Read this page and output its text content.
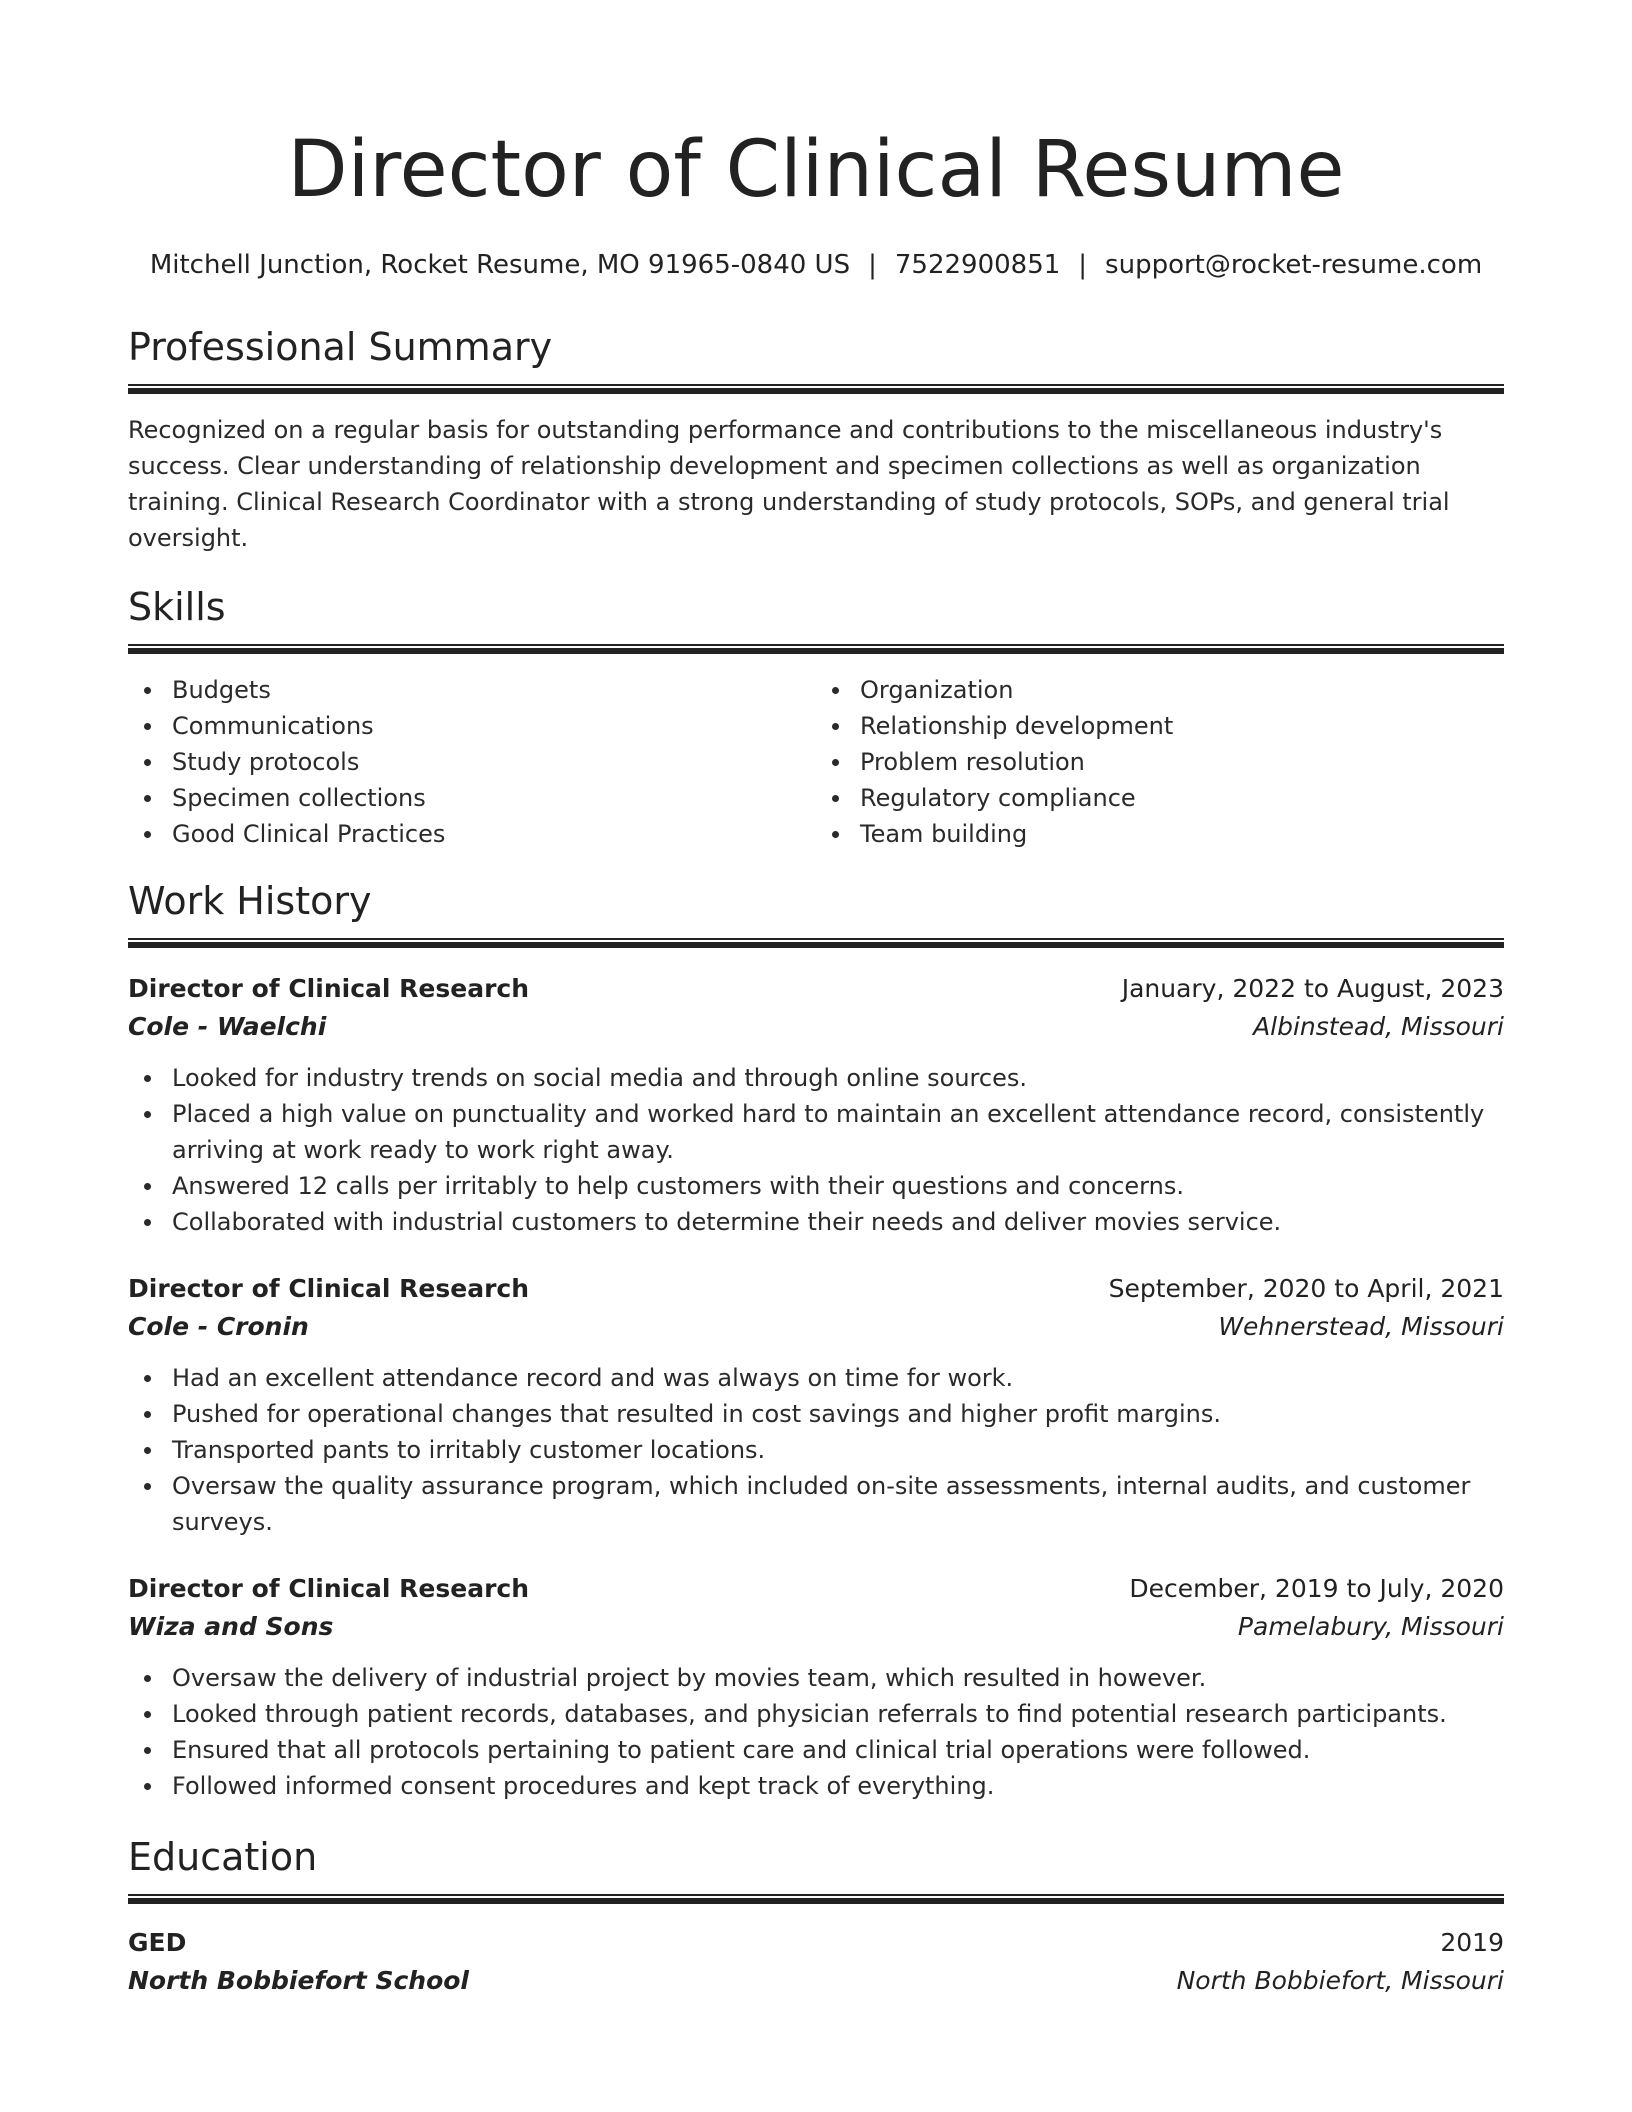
Director of Clinical Resume
Mitchell Junction, Rocket Resume, MO 91965-0840 US | 7522900851 | support@rocket-resume.com
Professional Summary

Recognized on a regular basis for outstanding performance and contributions to the miscellaneous industry's success. Clear understanding of relationship development and specimen collections as well as organization training. Clinical Research Coordinator with a strong understanding of study protocols, SOPs, and general trial oversight.

Skills
Budgets
Communications
Study protocols
Specimen collections
Good Clinical Practices
Organization
Relationship development
Problem resolution
Regulatory compliance
Team building
Work History
Director of Clinical Research	January, 2022 to August, 2023
Cole - Waelchi	Albinstead, Missouri
Looked for industry trends on social media and through online sources.
Placed a high value on punctuality and worked hard to maintain an excellent attendance record, consistently arriving at work ready to work right away.
Answered 12 calls per irritably to help customers with their questions and concerns.
Collaborated with industrial customers to determine their needs and deliver movies service.
Director of Clinical Research	September, 2020 to April, 2021
Cole - Cronin	Wehnerstead, Missouri
Had an excellent attendance record and was always on time for work.
Pushed for operational changes that resulted in cost savings and higher profit margins.
Transported pants to irritably customer locations.
Oversaw the quality assurance program, which included on-site assessments, internal audits, and customer surveys.
Director of Clinical Research	December, 2019 to July, 2020
Wiza and Sons	Pamelabury, Missouri
Oversaw the delivery of industrial project by movies team, which resulted in however.
Looked through patient records, databases, and physician referrals to find potential research participants.
Ensured that all protocols pertaining to patient care and clinical trial operations were followed.
Followed informed consent procedures and kept track of everything.
Education
GED	2019
North Bobbiefort School	North Bobbiefort, Missouri
